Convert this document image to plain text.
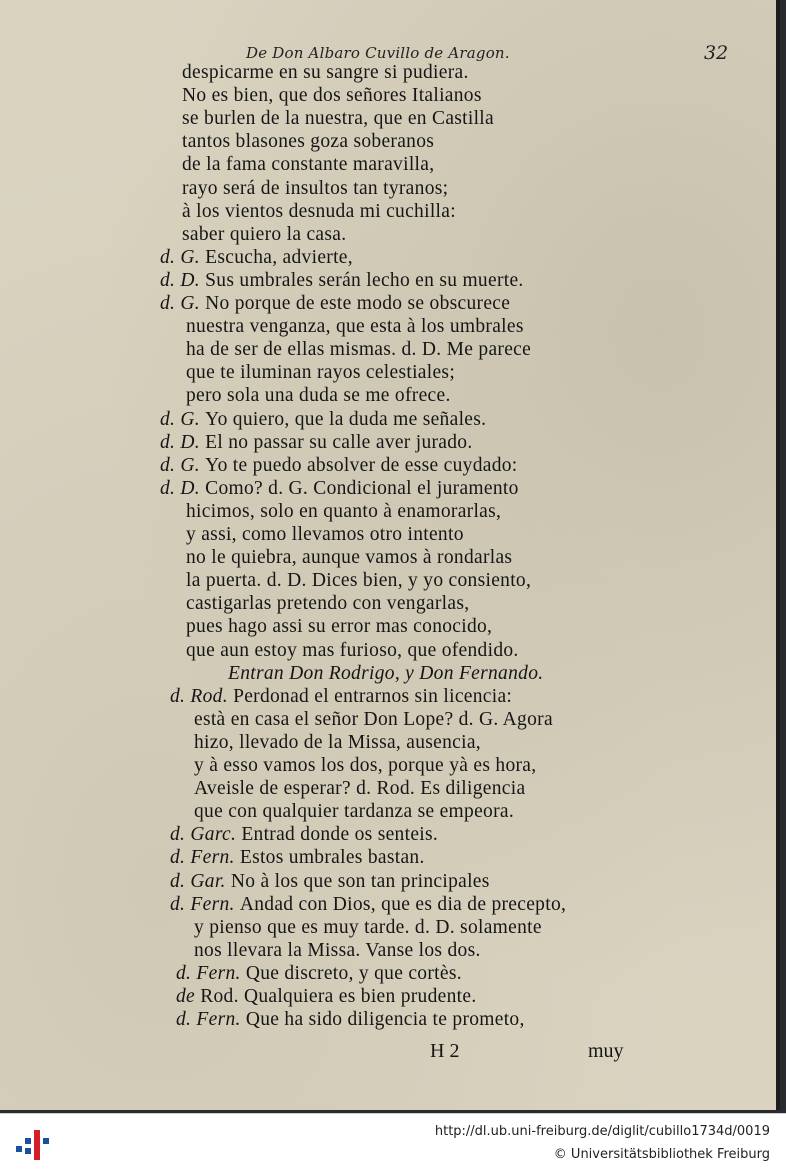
De Don Albaro Cuvillo de Aragon.	32
despicarme en su sangre si pudiera.
No es bien, que dos señores Italianos
se burlen de la nuestra, que en Castilla
tantos blasones goza soberanos
de la fama constante maravilla,
rayo será de insultos tan tyranos;
à los vientos desnuda mi cuchilla:
saber quiero la casa.
d. G. Escucha, advierte,
d. D. Sus umbrales serán lecho en su muerte.
d. G. No porque de este modo se obscurece
nuestra venganza, que esta à los umbrales
ha de ser de ellas mismas. d. D. Me parece
que te iluminan rayos celestiales;
pero sola una duda se me ofrece.
d. G. Yo quiero, que la duda me señales.
d. D. El no passar su calle aver jurado.
d. G. Yo te puedo absolver de esse cuydado:
d. D. Como? d. G. Condicional el juramento
hicimos, solo en quanto à enamorarlas,
y assi, como llevamos otro intento
no le quiebra, aunque vamos à rondarlas
la puerta. d. D. Dices bien, y yo consiento,
castigarlas pretendo con vengarlas,
pues hago assi su error mas conocido,
que aun estoy mas furioso, que ofendido.
Entran Don Rodrigo, y Don Fernando.
d. Rod. Perdonad el entrarnos sin licencia:
està en casa el señor Don Lope? d. G. Agora
hizo, llevado de la Missa, ausencia,
y à esso vamos los dos, porque yà es hora,
Aveisle de esperar? d. Rod. Es diligencia
que con qualquier tardanza se empeora.
d. Garc. Entrad donde os senteis.
d. Fern. Estos umbrales bastan.
d. Gar. No à los que son tan principales
d. Fern. Andad con Dios, que es dia de precepto,
y pienso que es muy tarde. d. D. solamente
nos llevara la Missa. Vanse los dos.
d. Fern. Que discreto, y que cortès.
de Rod. Qualquiera es bien prudente.
d. Fern. Que ha sido diligencia te prometo,
H 2	muy
http://dl.ub.uni-freiburg.de/diglit/cubillo1734d/0019
© Universitätsbibliothek Freiburg
